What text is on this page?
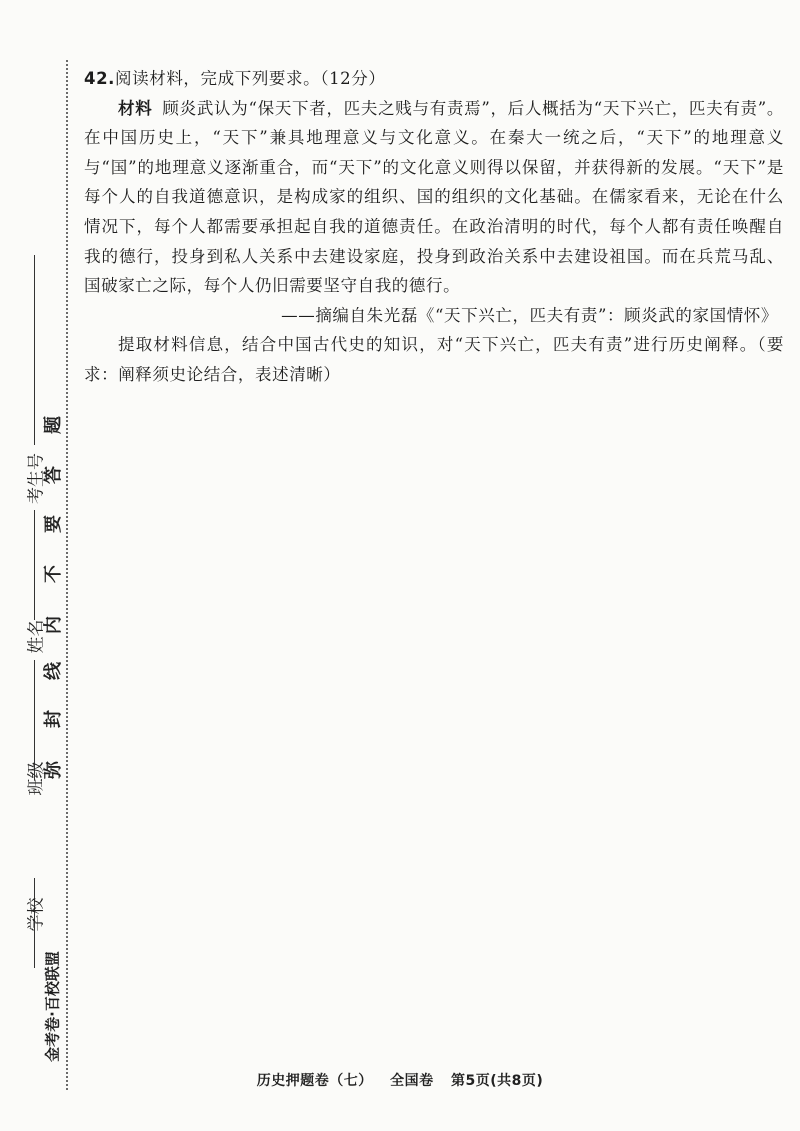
学校
班级
姓名
考生号
弥
封
线
内
不
要
答
题
金考卷·百校联盟

42.阅读材料，完成下列要求。（12分）

材料 顾炎武认为“保天下者，匹夫之贱与有责焉”，后人概括为“天下兴亡，匹夫有责”。在中国历史上，“天下”兼具地理意义与文化意义。在秦大一统之后，“天下”的地理意义与“国”的地理意义逐渐重合，而“天下”的文化意义则得以保留，并获得新的发展。“天下”是每个人的自我道德意识，是构成家的组织、国的组织的文化基础。在儒家看来，无论在什么情况下，每个人都需要承担起自我的道德责任。在政治清明的时代，每个人都有责任唤醒自我的德行，投身到私人关系中去建设家庭，投身到政治关系中去建设祖国。而在兵荒马乱、国破家亡之际，每个人仍旧需要坚守自我的德行。

——摘编自朱光磊《“天下兴亡，匹夫有责”：顾炎武的家国情怀》

提取材料信息，结合中国古代史的知识，对“天下兴亡，匹夫有责”进行历史阐释。（要求：阐释须史论结合，表述清晰）

历史押题卷（七） 全国卷 第5页(共8页)
